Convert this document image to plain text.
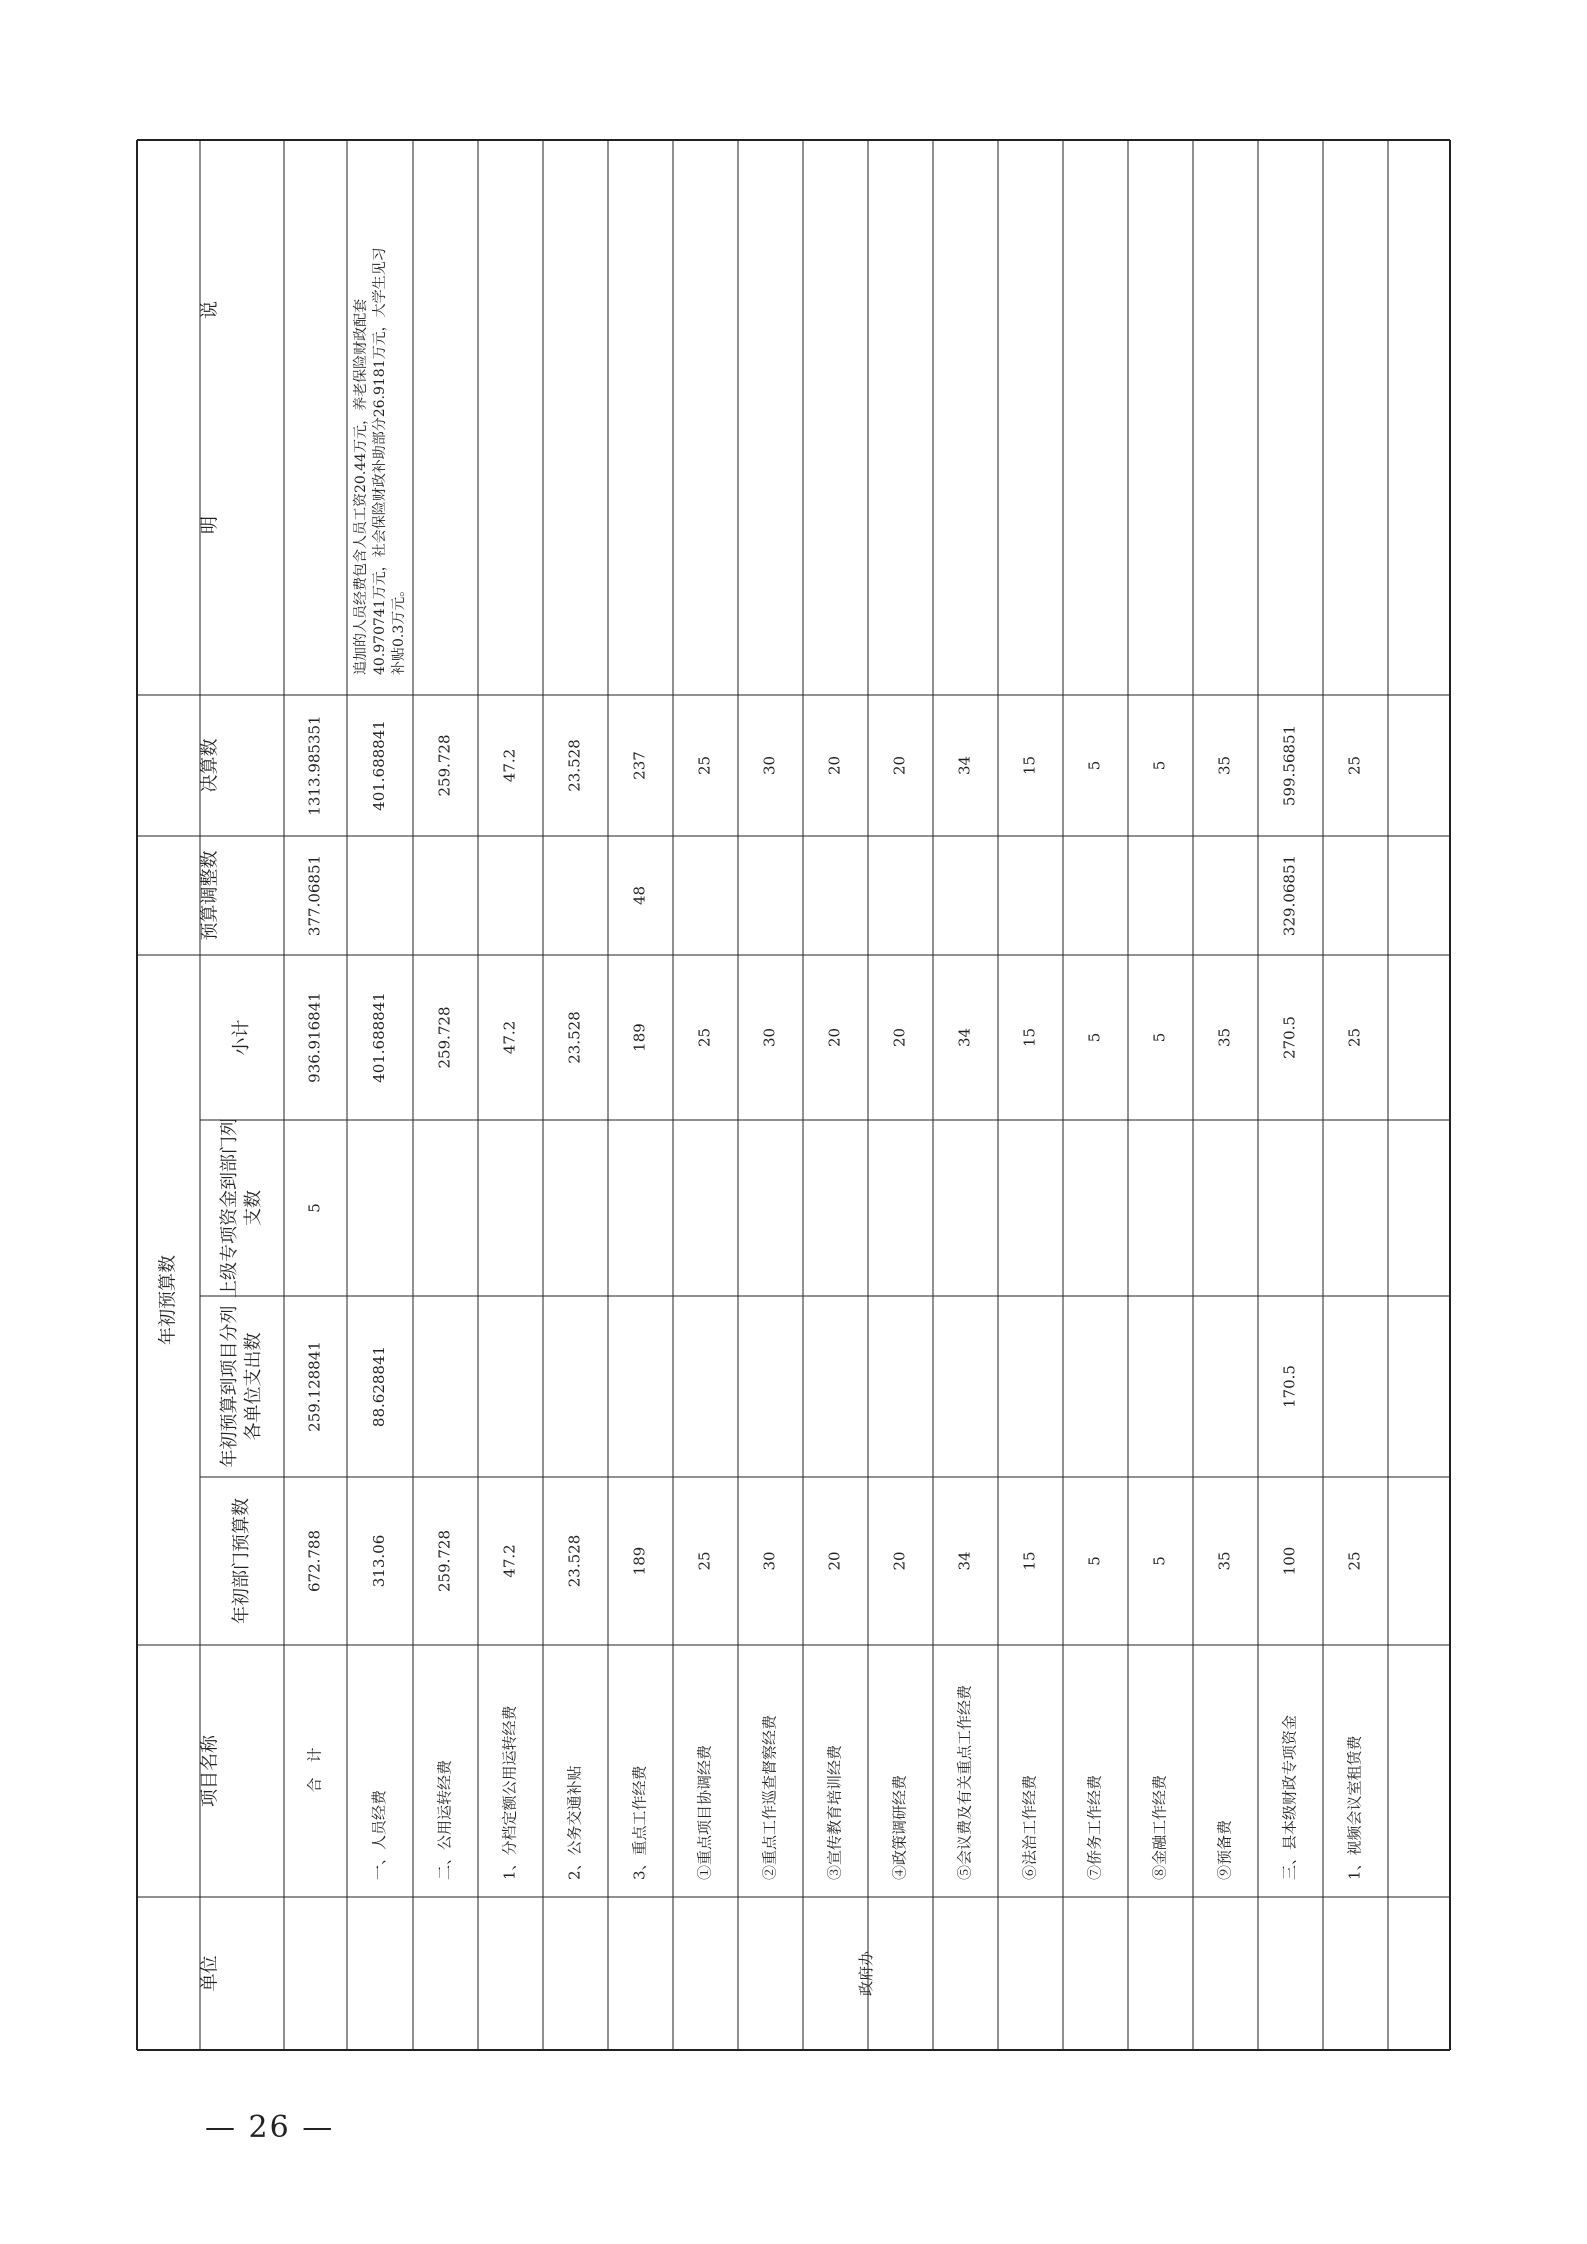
说
明
决算数
预算调整数
年初预算数
小计
上级专项资金到部门列 支数
年初预算到项目分列 各单位支出数
年初部门预算数
项目名称
单位	政府办
合　计
1313.985351
377.06851
936.916841
5
259.128841
672.788
一、人员经费
401.688841
401.688841
88.628841
313.06
追加的人员经费包含人员工资20.44万元，养老保险财政配套 40.970741万元，社会保险财政补助部分26.9181万元，大学生见习 补贴0.3万元。
二、公用运转经费
259.728
259.728
259.728
1、分档定额公用运转经费
47.2
47.2
47.2
2、公务交通补贴
23.528
23.528
23.528
3、重点工作经费
237
48
189
189
①重点项目协调经费
25
25
25
②重点工作巡查督察经费
30
30
30
③宣传教育培训经费
20
20
20
④政策调研经费
20
20
20
⑤会议费及有关重点工作经费
34
34
34
⑥法治工作经费
15
15
15
⑦侨务工作经费
5
5
5
⑧金融工作经费
5
5
5
⑨预备费
35
35
35
三、县本级财政专项资金
599.56851
329.06851
270.5
170.5
100
1、视频会议室租赁费
25
25
25
— 26 —
